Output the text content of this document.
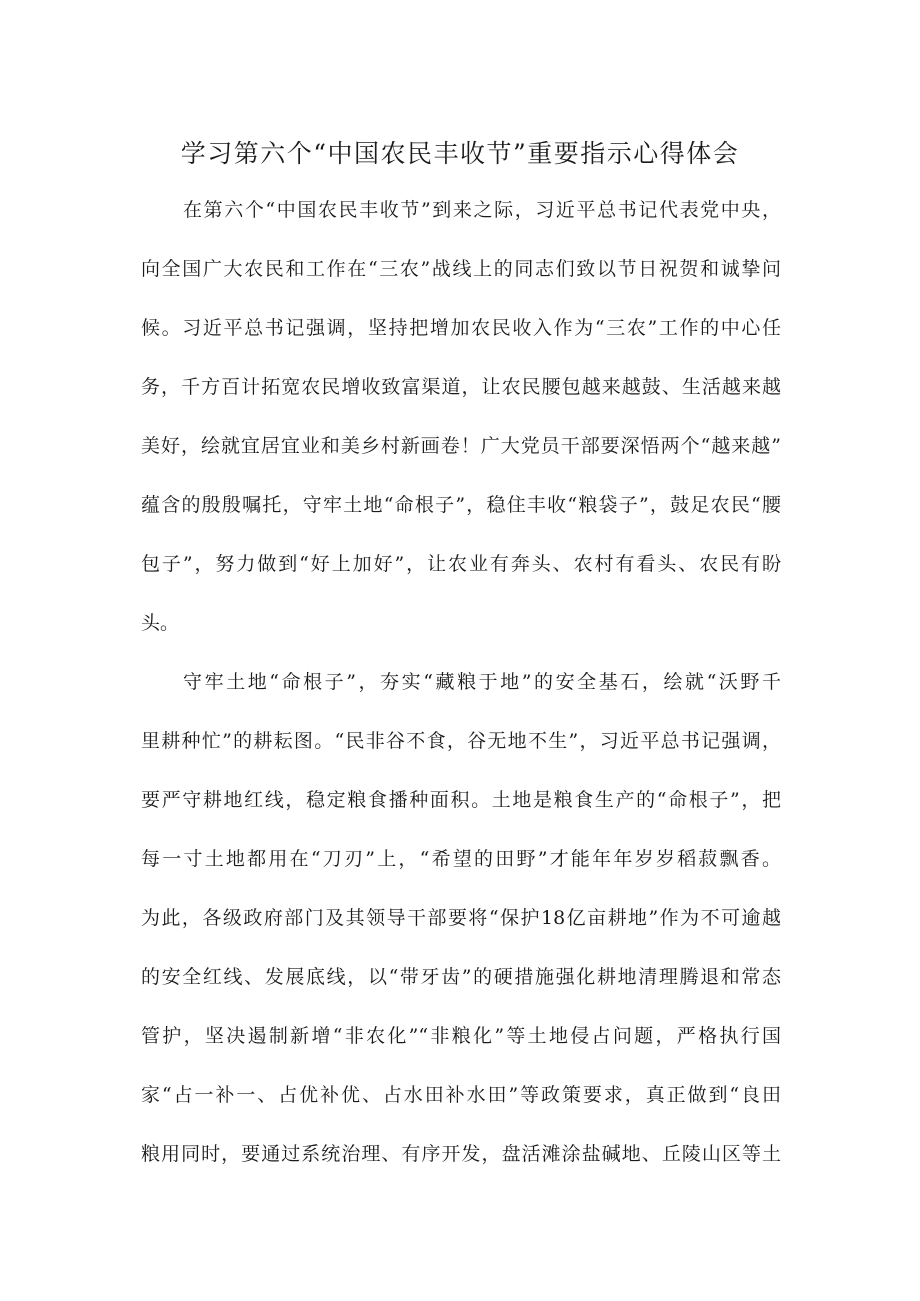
学习第六个“中国农民丰收节”重要指示心得体会
在第六个“中国农民丰收节”到来之际，习近平总书记代表党中央，
向全国广大农民和工作在“三农”战线上的同志们致以节日祝贺和诚挚问
候。习近平总书记强调，坚持把增加农民收入作为“三农”工作的中心任
务，千方百计拓宽农民增收致富渠道，让农民腰包越来越鼓、生活越来越
美好，绘就宜居宜业和美乡村新画卷！广大党员干部要深悟两个“越来越”
蕴含的殷殷嘱托，守牢土地“命根子”，稳住丰收“粮袋子”，鼓足农民“腰
包子”，努力做到“好上加好”，让农业有奔头、农村有看头、农民有盼
头。
守牢土地“命根子”，夯实“藏粮于地”的安全基石，绘就“沃野千
里耕种忙”的耕耘图。“民非谷不食，谷无地不生”，习近平总书记强调，
要严守耕地红线，稳定粮食播种面积。土地是粮食生产的“命根子”，把
每一寸土地都用在“刀刃”上，“希望的田野”才能年年岁岁稻菽飘香。
为此，各级政府部门及其领导干部要将“保护18亿亩耕地”作为不可逾越
的安全红线、发展底线，以“带牙齿”的硬措施强化耕地清理腾退和常态
管护，坚决遏制新增“非农化”“非粮化”等土地侵占问题，严格执行国
家“占一补一、占优补优、占水田补水田”等政策要求，真正做到“良田
粮用同时，要通过系统治理、有序开发，盘活滩涂盐碱地、丘陵山区等土
